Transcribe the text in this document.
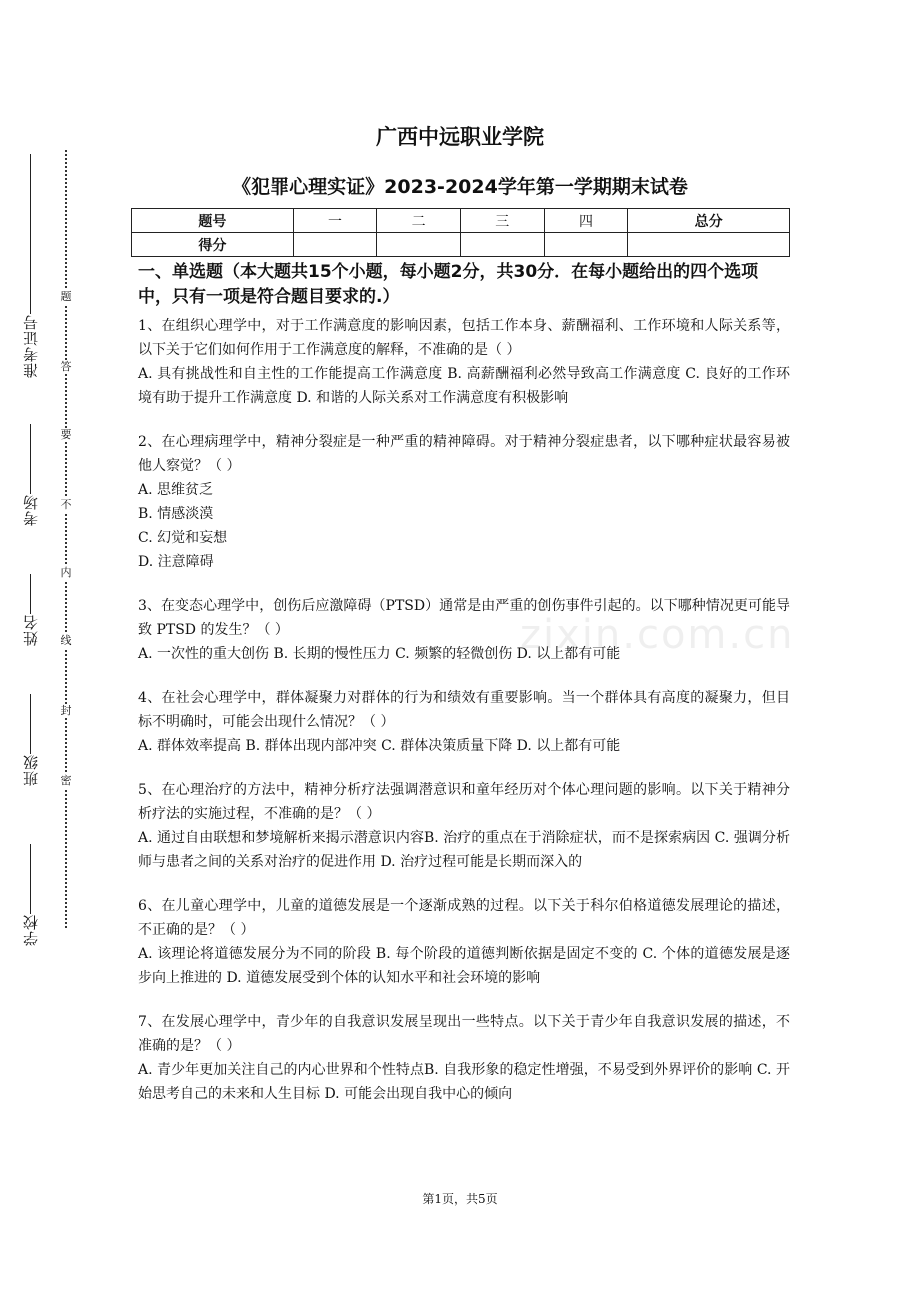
准考证号
考场
姓名
班级
学校
题
答
要
不
内
线
封
密
广西中远职业学院
《犯罪心理实证》2023-2024学年第一学期期末试卷
题号	一	二	三	四	总分
得分					
一、单选题（本大题共15个小题，每小题2分，共30分．在每小题给出的四个选项中，只有一项是符合题目要求的.）

1、在组织心理学中，对于工作满意度的影响因素，包括工作本身、薪酬福利、工作环境和人际关系等，以下关于它们如何作用于工作满意度的解释，不准确的是（ ）

A. 具有挑战性和自主性的工作能提高工作满意度 B. 高薪酬福利必然导致高工作满意度 C. 良好的工作环境有助于提升工作满意度 D. 和谐的人际关系对工作满意度有积极影响

2、在心理病理学中，精神分裂症是一种严重的精神障碍。对于精神分裂症患者，以下哪种症状最容易被他人察觉？（ ）

A. 思维贫乏

B. 情感淡漠

C. 幻觉和妄想

D. 注意障碍

3、在变态心理学中，创伤后应激障碍（PTSD）通常是由严重的创伤事件引起的。以下哪种情况更可能导致 PTSD 的发生？（ ）

A. 一次性的重大创伤 B. 长期的慢性压力 C. 频繁的轻微创伤 D. 以上都有可能

4、在社会心理学中，群体凝聚力对群体的行为和绩效有重要影响。当一个群体具有高度的凝聚力，但目标不明确时，可能会出现什么情况？（ ）

A. 群体效率提高 B. 群体出现内部冲突 C. 群体决策质量下降 D. 以上都有可能

5、在心理治疗的方法中，精神分析疗法强调潜意识和童年经历对个体心理问题的影响。以下关于精神分析疗法的实施过程，不准确的是？（ ）

A. 通过自由联想和梦境解析来揭示潜意识内容B. 治疗的重点在于消除症状，而不是探索病因 C. 强调分析师与患者之间的关系对治疗的促进作用 D. 治疗过程可能是长期而深入的

6、在儿童心理学中，儿童的道德发展是一个逐渐成熟的过程。以下关于科尔伯格道德发展理论的描述，不正确的是？（ ）

A. 该理论将道德发展分为不同的阶段 B. 每个阶段的道德判断依据是固定不变的 C. 个体的道德发展是逐步向上推进的 D. 道德发展受到个体的认知水平和社会环境的影响

7、在发展心理学中，青少年的自我意识发展呈现出一些特点。以下关于青少年自我意识发展的描述，不准确的是？（ ）

A. 青少年更加关注自己的内心世界和个性特点B. 自我形象的稳定性增强，不易受到外界评价的影响 C. 开始思考自己的未来和人生目标 D. 可能会出现自我中心的倾向

zixin.com.cn
第1页，共5页
